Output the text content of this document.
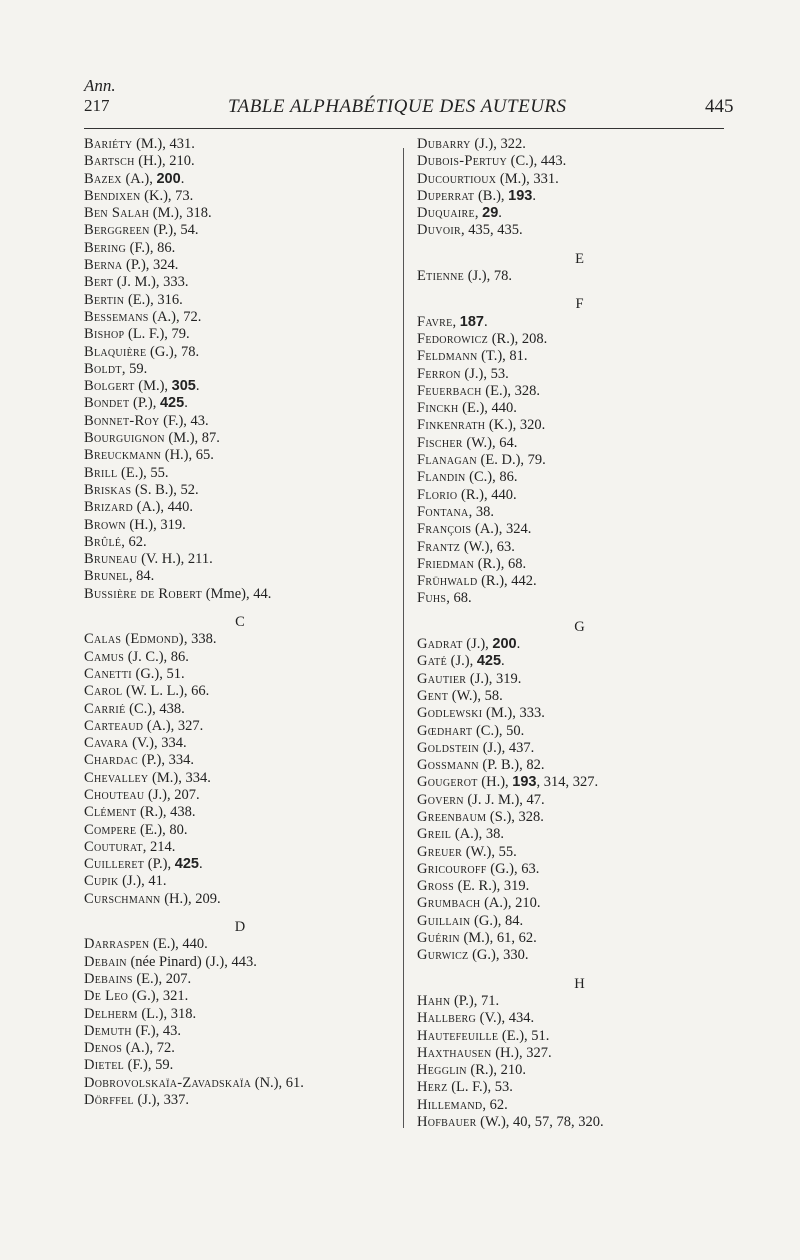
Ann.
217	TABLE ALPHABÉTIQUE DES AUTEURS	445
Bariéty (M.), 431.
Bartsch (H.), 210.
Bazex (A.), 200.
Bendixen (K.), 73.
Ben Salah (M.), 318.
Berggreen (P.), 54.
Bering (F.), 86.
Berna (P.), 324.
Bert (J. M.), 333.
Bertin (E.), 316.
Bessemans (A.), 72.
Bishop (L. F.), 79.
Blaquière (G.), 78.
Boldt, 59.
Bolgert (M.), 305.
Bondet (P.), 425.
Bonnet-Roy (F.), 43.
Bourguignon (M.), 87.
Breuckmann (H.), 65.
Brill (E.), 55.
Briskas (S. B.), 52.
Brizard (A.), 440.
Brown (H.), 319.
Brûlé, 62.
Bruneau (V. H.), 211.
Brunel, 84.
Bussière de Robert (Mme), 44.
C
Calas (Edmond), 338.
Camus (J. C.), 86.
Canetti (G.), 51.
Carol (W. L. L.), 66.
Carrié (C.), 438.
Carteaud (A.), 327.
Cavara (V.), 334.
Chardac (P.), 334.
Chevalley (M.), 334.
Chouteau (J.), 207.
Clément (R.), 438.
Compere (E.), 80.
Couturat, 214.
Cuilleret (P.), 425.
Cupik (J.), 41.
Curschmann (H.), 209.
D
Darraspen (E.), 440.
Debain (née Pinard) (J.), 443.
Debains (E.), 207.
De Leo (G.), 321.
Delherm (L.), 318.
Demuth (F.), 43.
Denos (A.), 72.
Dietel (F.), 59.
Dobrovolskaïa-Zavadskaïa (N.), 61.
Dörffel (J.), 337.
Dubarry (J.), 322.
Dubois-Pertuy (C.), 443.
Ducourtioux (M.), 331.
Duperrat (B.), 193.
Duquaire, 29.
Duvoir, 435, 435.
E
Etienne (J.), 78.
F
Favre, 187.
Fedorowicz (R.), 208.
Feldmann (T.), 81.
Ferron (J.), 53.
Feuerbach (E.), 328.
Finckh (E.), 440.
Finkenrath (K.), 320.
Fischer (W.), 64.
Flanagan (E. D.), 79.
Flandin (C.), 86.
Florio (R.), 440.
Fontana, 38.
François (A.), 324.
Frantz (W.), 63.
Friedman (R.), 68.
Frühwald (R.), 442.
Fuhs, 68.
G
Gadrat (J.), 200.
Gaté (J.), 425.
Gautier (J.), 319.
Gent (W.), 58.
Godlewski (M.), 333.
Gœdhart (C.), 50.
Goldstein (J.), 437.
Gossmann (P. B.), 82.
Gougerot (H.), 193, 314, 327.
Govern (J. J. M.), 47.
Greenbaum (S.), 328.
Greil (A.), 38.
Greuer (W.), 55.
Gricouroff (G.), 63.
Gross (E. R.), 319.
Grumbach (A.), 210.
Guillain (G.), 84.
Guérin (M.), 61, 62.
Gurwicz (G.), 330.
H
Hahn (P.), 71.
Hallberg (V.), 434.
Hautefeuille (E.), 51.
Haxthausen (H.), 327.
Hegglin (R.), 210.
Herz (L. F.), 53.
Hillemand, 62.
Hofbauer (W.), 40, 57, 78, 320.
